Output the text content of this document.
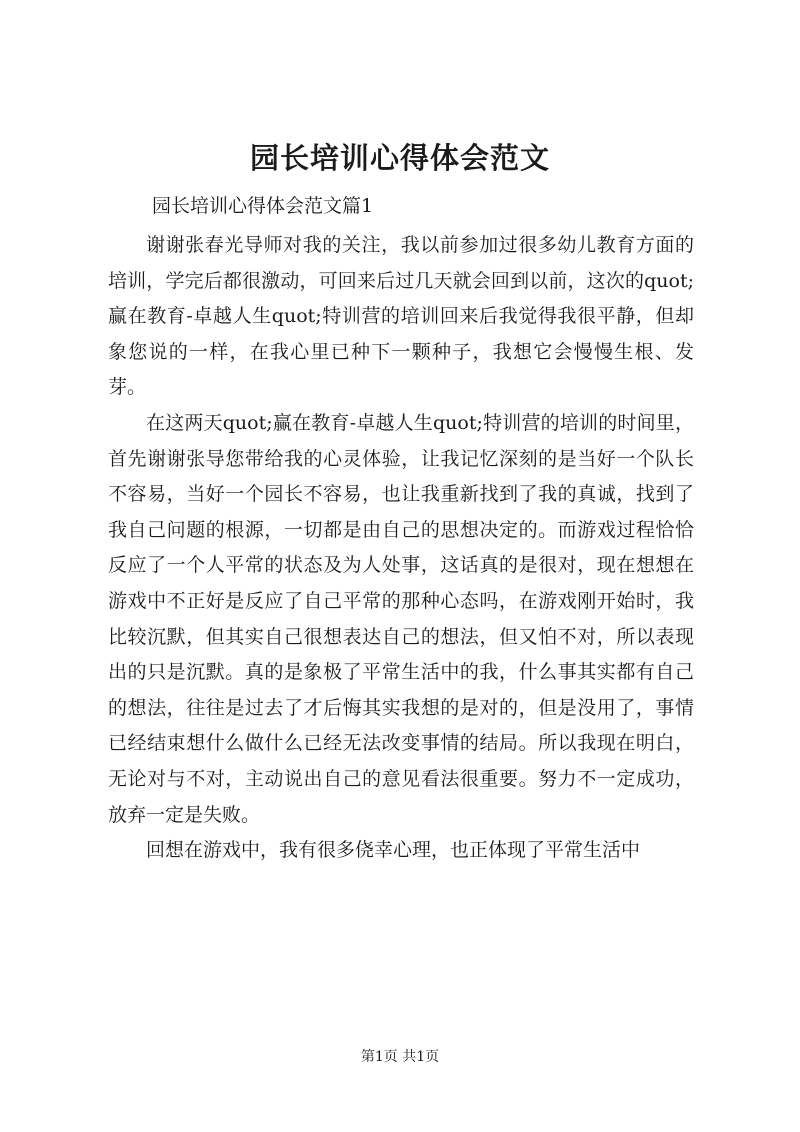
园长培训心得体会范文
园长培训心得体会范文篇1

谢谢张春光导师对我的关注，我以前参加过很多幼儿教育方面的培训，学完后都很激动，可回来后过几天就会回到以前，这次的quot;赢在教育-卓越人生quot;特训营的培训回来后我觉得我很平静，但却象您说的一样，在我心里已种下一颗种子，我想它会慢慢生根、发芽。

在这两天quot;赢在教育-卓越人生quot;特训营的培训的时间里，首先谢谢张导您带给我的心灵体验，让我记忆深刻的是当好一个队长不容易，当好一个园长不容易，也让我重新找到了我的真诚，找到了我自己问题的根源，一切都是由自己的思想决定的。而游戏过程恰恰反应了一个人平常的状态及为人处事，这话真的是很对，现在想想在游戏中不正好是反应了自己平常的那种心态吗，在游戏刚开始时，我比较沉默，但其实自己很想表达自己的想法，但又怕不对，所以表现出的只是沉默。真的是象极了平常生活中的我，什么事其实都有自己的想法，往往是过去了才后悔其实我想的是对的，但是没用了，事情已经结束想什么做什么已经无法改变事情的结局。所以我现在明白，无论对与不对，主动说出自己的意见看法很重要。努力不一定成功，放弃一定是失败。

回想在游戏中，我有很多侥幸心理，也正体现了平常生活中

第1页 共1页
